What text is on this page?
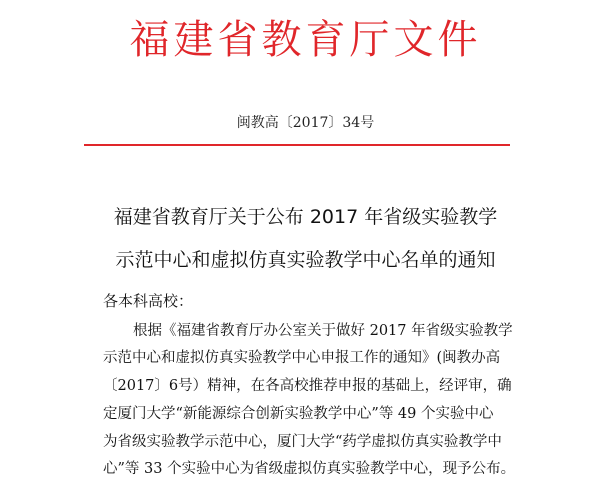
福建省教育厅文件
闽教高〔2017〕34号
福建省教育厅关于公布 2017 年省级实验教学
示范中心和虚拟仿真实验教学中心名单的通知
各本科高校：
根据《福建省教育厅办公室关于做好 2017 年省级实验教学
示范中心和虚拟仿真实验教学中心申报工作的通知》(闽教办高
〔2017〕6号）精神，在各高校推荐申报的基础上，经评审，确
定厦门大学“新能源综合创新实验教学中心”等 49 个实验中心
为省级实验教学示范中心，厦门大学“药学虚拟仿真实验教学中
心”等 33 个实验中心为省级虚拟仿真实验教学中心，现予公布。
